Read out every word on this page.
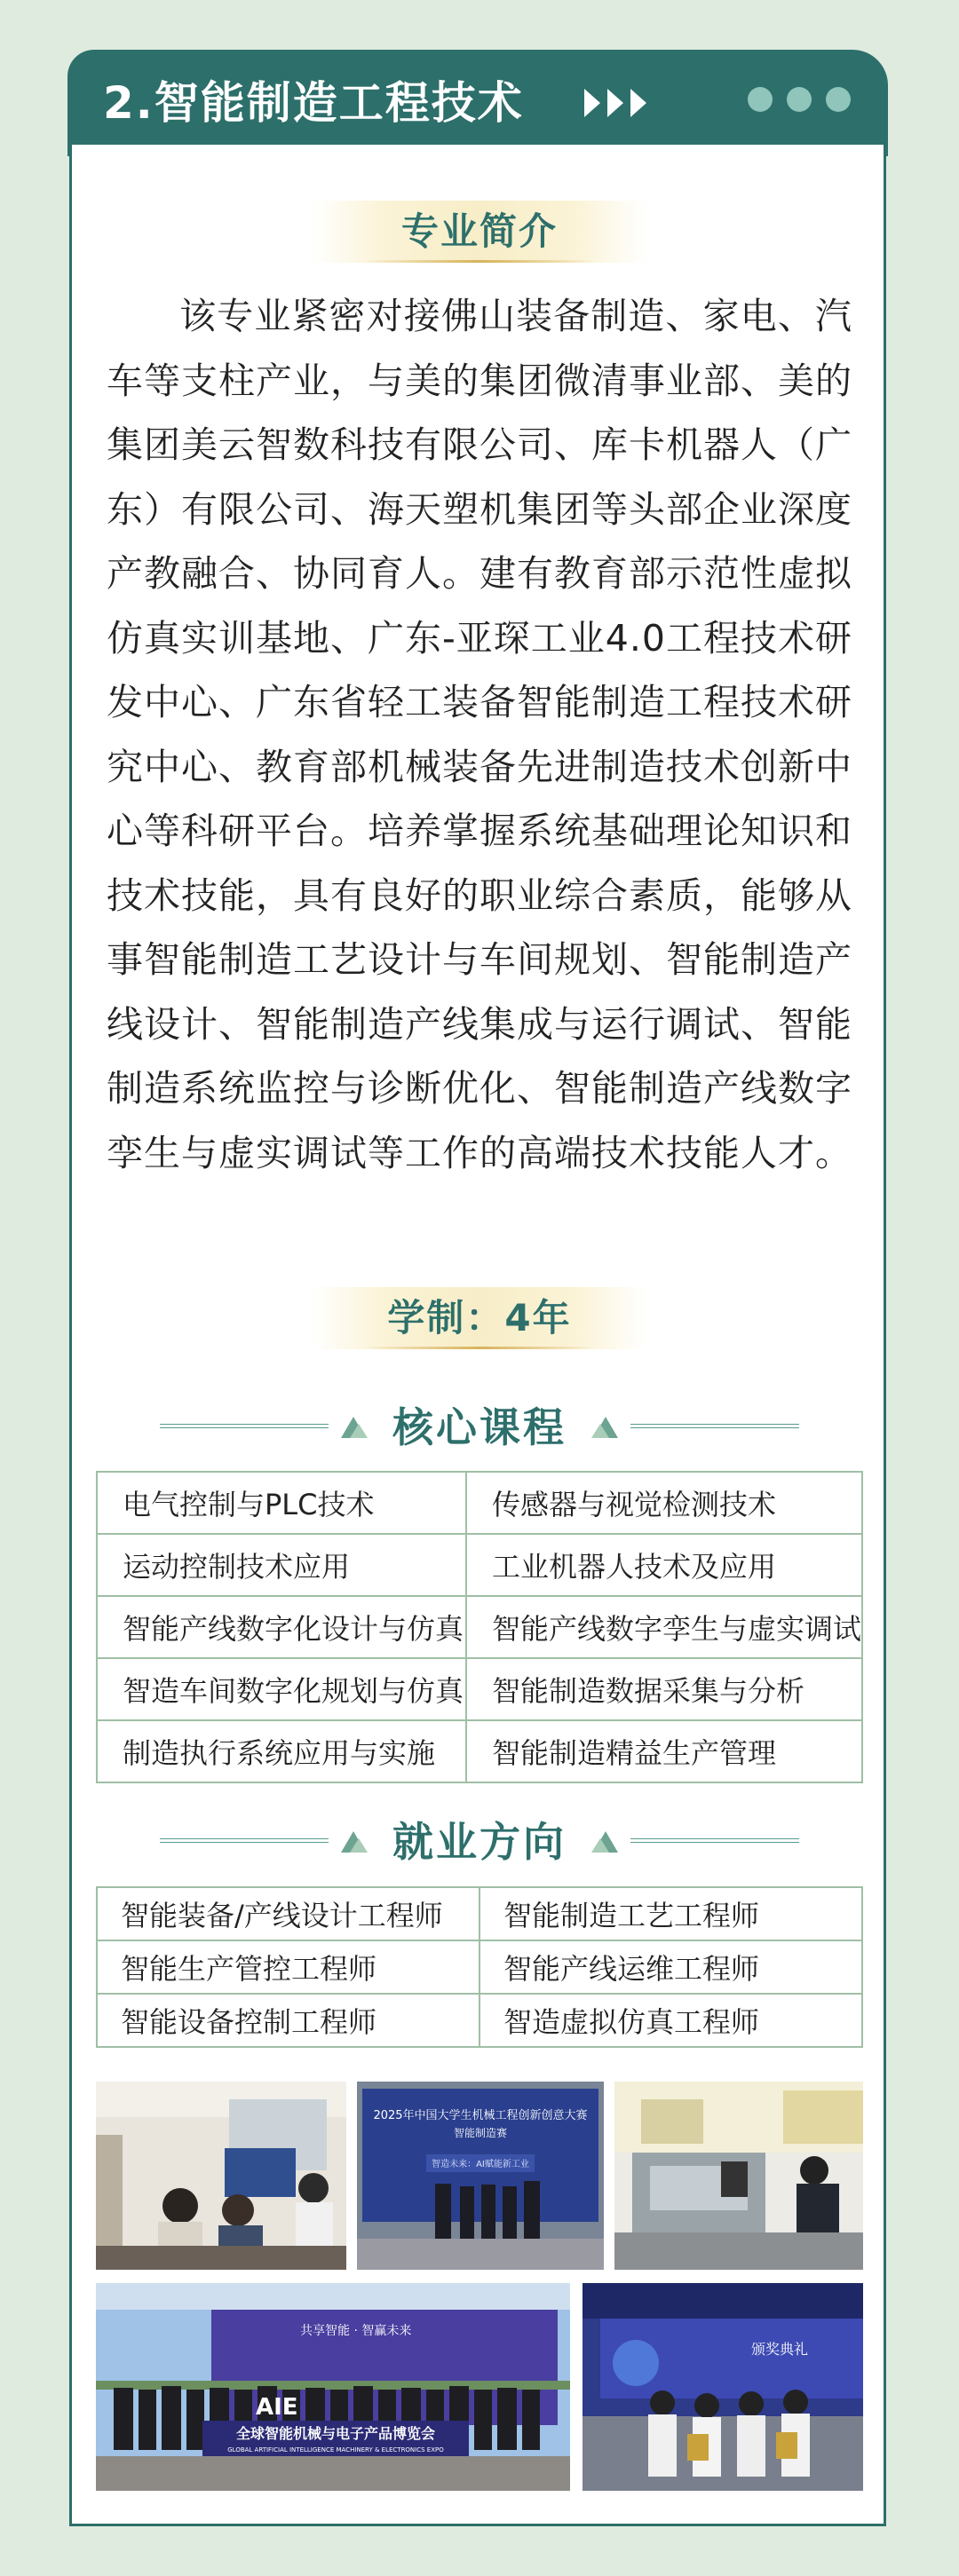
2.智能制造工程技术
专业简介

该专业紧密对接佛山装备制造、家电、汽车等支柱产业，与美的集团微清事业部、美的集团美云智数科技有限公司、库卡机器人（广东）有限公司、海天塑机集团等头部企业深度产教融合、协同育人。建有教育部示范性虚拟仿真实训基地、广东-亚琛工业4.0工程技术研发中心、广东省轻工装备智能制造工程技术研究中心、教育部机械装备先进制造技术创新中心等科研平台。培养掌握系统基础理论知识和技术技能，具有良好的职业综合素质，能够从事智能制造工艺设计与车间规划、智能制造产线设计、智能制造产线集成与运行调试、智能制造系统监控与诊断优化、智能制造产线数字孪生与虚实调试等工作的高端技术技能人才。

学制：4年
核心课程
电气控制与PLC技术	传感器与视觉检测技术
运动控制技术应用	工业机器人技术及应用
智能产线数字化设计与仿真	智能产线数字孪生与虚实调试
智造车间数字化规划与仿真	智能制造数据采集与分析
制造执行系统应用与实施	智能制造精益生产管理
就业方向
智能装备/产线设计工程师	智能制造工艺工程师
智能生产管控工程师	智能产线运维工程师
智能设备控制工程师	智造虚拟仿真工程师
2025年中国大学生机械工程创新创意大赛
智能制造赛
智造未来：AI赋能新工业
共享智能 · 智赢未来
AIE
全球智能机械与电子产品博览会
GLOBAL ARTIFICIAL INTELLIGENCE MACHINERY & ELECTRONICS EXPO
颁奖典礼
